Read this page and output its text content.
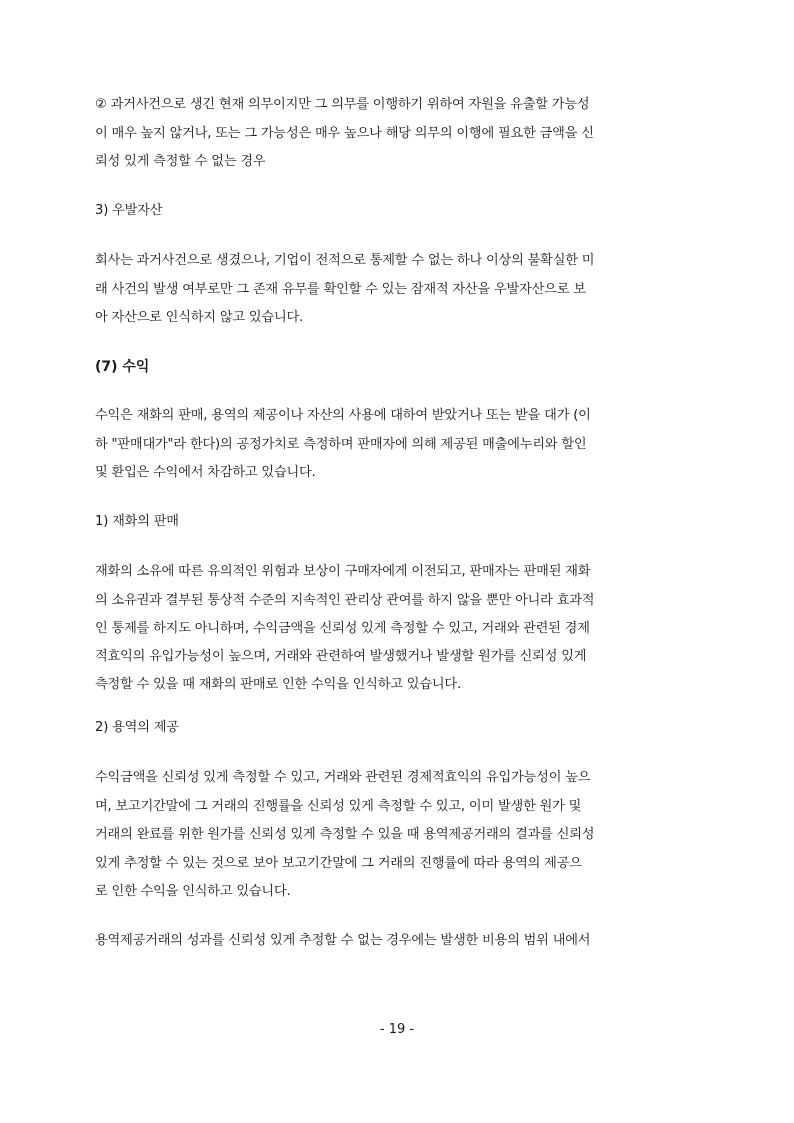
② 과거사건으로 생긴 현재 의무이지만 그 의무를 이행하기 위하여 자원을 유출할 가능성
이 매우 높지 않거나, 또는 그 가능성은 매우 높으나 해당 의무의 이행에 필요한 금액을 신
뢰성 있게 측정할 수 없는 경우
3) 우발자산
회사는 과거사건으로 생겼으나, 기업이 전적으로 통제할 수 없는 하나 이상의 불확실한 미
래 사건의 발생 여부로만 그 존재 유무를 확인할 수 있는 잠재적 자산을 우발자산으로 보
아 자산으로 인식하지 않고 있습니다.
(7) 수익
수익은 재화의 판매, 용역의 제공이나 자산의 사용에 대하여 받았거나 또는 받을 대가 (이
하 "판매대가"라 한다)의 공정가치로 측정하며 판매자에 의해 제공된 매출에누리와 할인
및 환입은 수익에서 차감하고 있습니다.
1) 재화의 판매
재화의 소유에 따른 유의적인 위험과 보상이 구매자에게 이전되고, 판매자는 판매된 재화
의 소유권과 결부된 통상적 수준의 지속적인 관리상 관여를 하지 않을 뿐만 아니라 효과적
인 통제를 하지도 아니하며, 수익금액을 신뢰성 있게 측정할 수 있고, 거래와 관련된 경제
적효익의 유입가능성이 높으며, 거래와 관련하여 발생했거나 발생할 원가를 신뢰성 있게
측정할 수 있을 때 재화의 판매로 인한 수익을 인식하고 있습니다.
2) 용역의 제공
수익금액을 신뢰성 있게 측정할 수 있고, 거래와 관련된 경제적효익의 유입가능성이 높으
며, 보고기간말에 그 거래의 진행률을 신뢰성 있게 측정할 수 있고, 이미 발생한 원가 및
거래의 완료를 위한 원가를 신뢰성 있게 측정할 수 있을 때 용역제공거래의 결과를 신뢰성
있게 추정할 수 있는 것으로 보아 보고기간말에 그 거래의 진행률에 따라 용역의 제공으
로 인한 수익을 인식하고 있습니다.
용역제공거래의 성과를 신뢰성 있게 추정할 수 없는 경우에는 발생한 비용의 범위 내에서
- 19 -
